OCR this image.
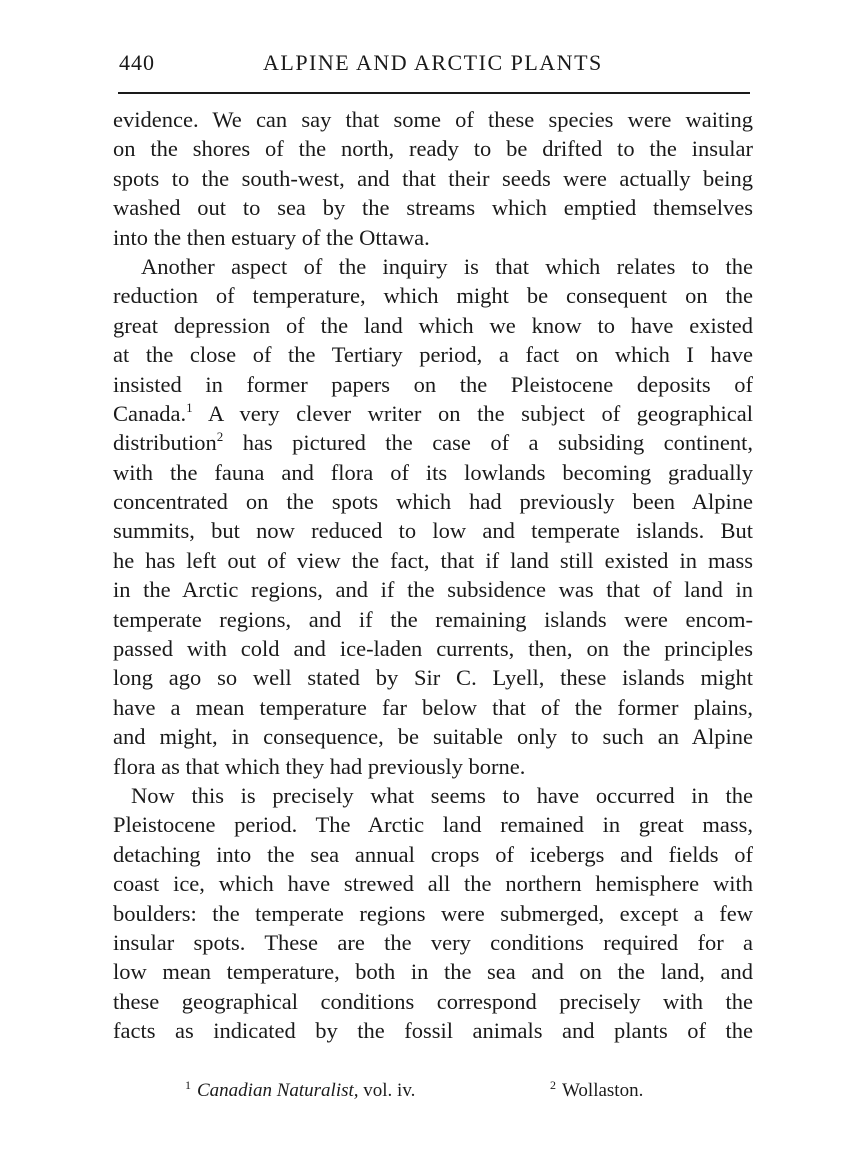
440	ALPINE AND ARCTIC PLANTS
evidence. We can say that some of these species were waiting
on the shores of the north, ready to be drifted to the insular
spots to the south-west, and that their seeds were actually being
washed out to sea by the streams which emptied themselves
into the then estuary of the Ottawa.
Another aspect of the inquiry is that which relates to the
reduction of temperature, which might be consequent on the
great depression of the land which we know to have existed
at the close of the Tertiary period, a fact on which I have
insisted in former papers on the Pleistocene deposits of
Canada.$^1$ A very clever writer on the subject of geographical
distribution$^2$ has pictured the case of a subsiding continent,
with the fauna and flora of its lowlands becoming gradually
concentrated on the spots which had previously been Alpine
summits, but now reduced to low and temperate islands. But
he has left out of view the fact, that if land still existed in mass
in the Arctic regions, and if the subsidence was that of land in
temperate regions, and if the remaining islands were encom-
passed with cold and ice-laden currents, then, on the principles
long ago so well stated by Sir C. Lyell, these islands might
have a mean temperature far below that of the former plains,
and might, in consequence, be suitable only to such an Alpine
flora as that which they had previously borne.
Now this is precisely what seems to have occurred in the
Pleistocene period. The Arctic land remained in great mass,
detaching into the sea annual crops of icebergs and fields of
coast ice, which have strewed all the northern hemisphere with
boulders: the temperate regions were submerged, except a few
insular spots. These are the very conditions required for a
low mean temperature, both in the sea and on the land, and
these geographical conditions correspond precisely with the
facts as indicated by the fossil animals and plants of the
$^1$ Canadian Naturalist, vol. iv.	$^2$ Wollaston.
